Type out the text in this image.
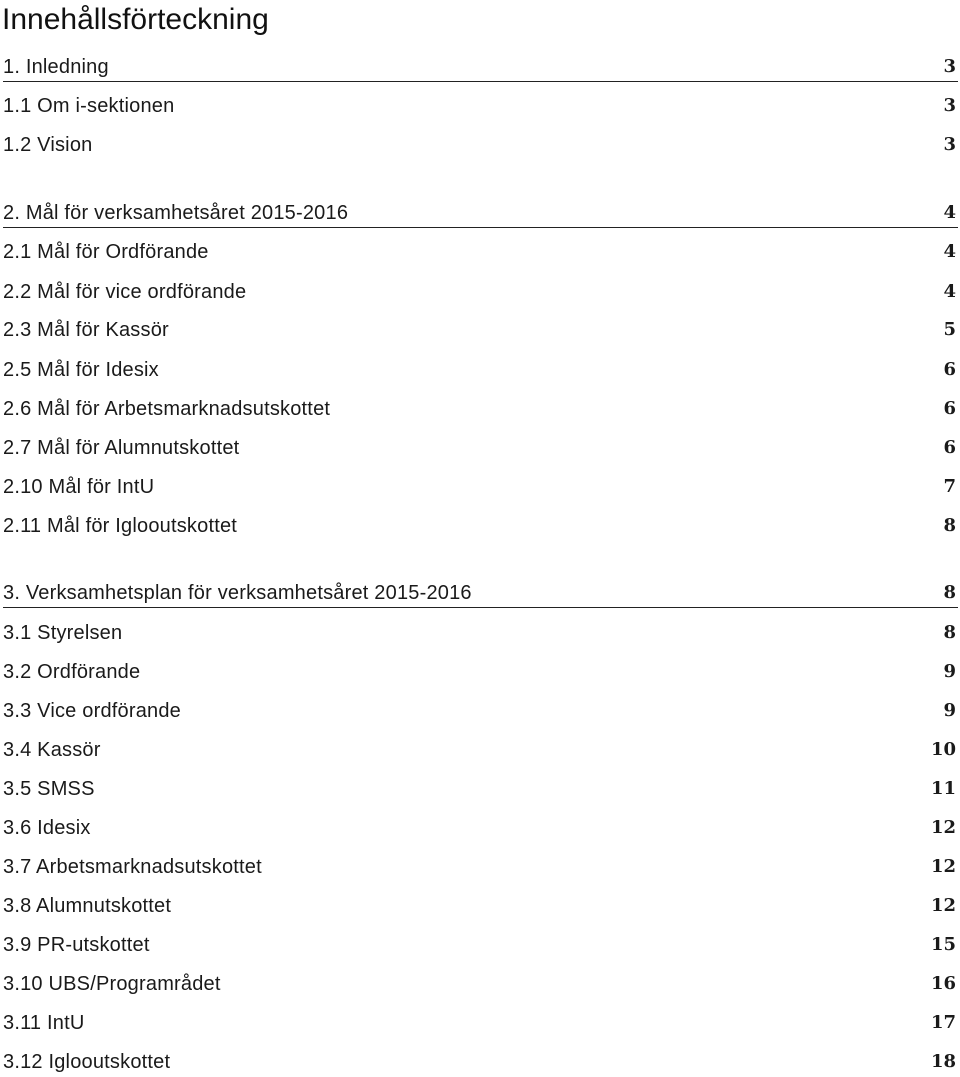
Innehållsförteckning
1. Inledning	3
1.1 Om i-sektionen	3
1.2 Vision	3
2. Mål för verksamhetsåret 2015-2016	4
2.1 Mål för Ordförande	4
2.2 Mål för vice ordförande	4
2.3 Mål för Kassör	5
2.5 Mål för Idesix	6
2.6 Mål för Arbetsmarknadsutskottet	6
2.7 Mål för Alumnutskottet	6
2.10 Mål för IntU	7
2.11 Mål för Iglooutskottet	8
3. Verksamhetsplan för verksamhetsåret 2015-2016	8
3.1 Styrelsen	8
3.2 Ordförande	9
3.3 Vice ordförande	9
3.4 Kassör	10
3.5 SMSS	11
3.6 Idesix	12
3.7 Arbetsmarknadsutskottet	12
3.8 Alumnutskottet	12
3.9 PR-utskottet	15
3.10 UBS/Programrådet	16
3.11 IntU	17
3.12 Iglooutskottet	18
